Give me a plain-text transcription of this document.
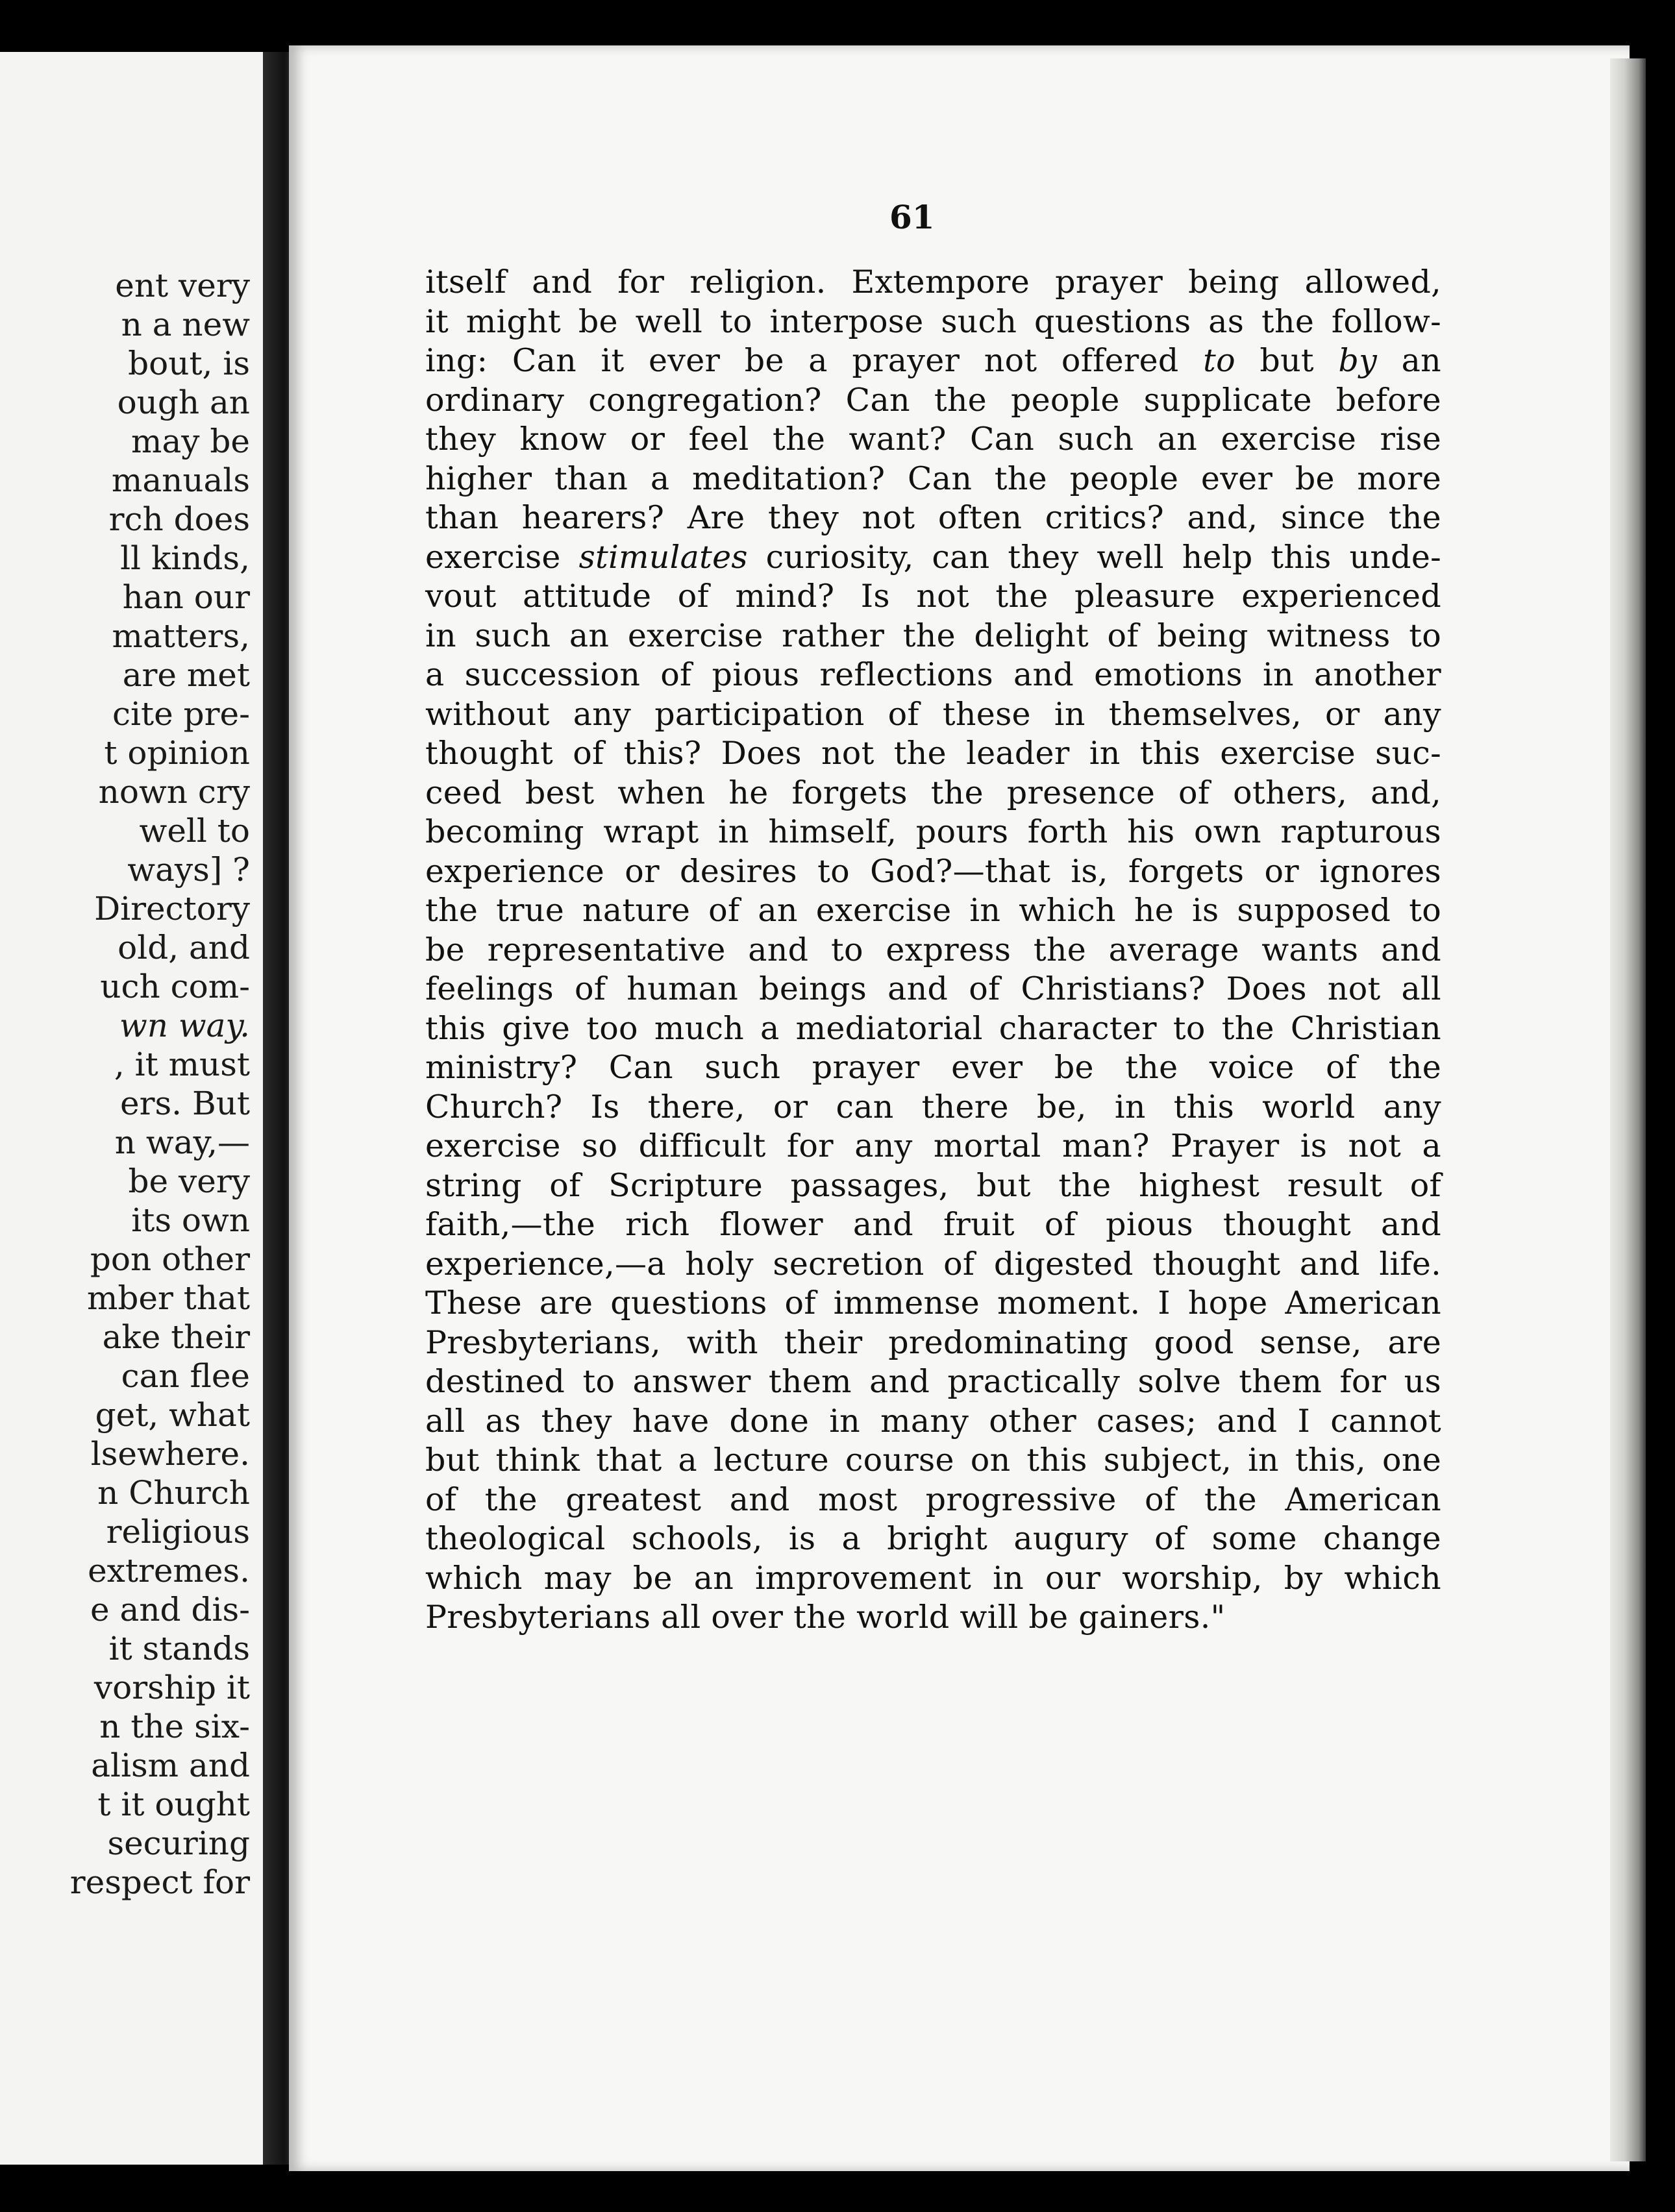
ent very
n a new
bout, is
ough an
may be
manuals
rch does
ll kinds,
han our
matters,
are met
cite pre-
t opinion
nown cry
well to
ways] ?
Directory
old, and
uch com-
wn way.
, it must
ers. But
n way,—
be very
its own
pon other
mber that
ake their
can flee
get, what
lsewhere.
n Church
religious
extremes.
e and dis-
it stands
vorship it
n the six-
alism and
t it ought
securing
respect for
61
itself and for religion. Extempore prayer being allowed,
it might be well to interpose such questions as the follow-
ing: Can it ever be a prayer not offered to but by an
ordinary congregation? Can the people supplicate before
they know or feel the want? Can such an exercise rise
higher than a meditation? Can the people ever be more
than hearers? Are they not often critics? and, since the
exercise stimulates curiosity, can they well help this unde-
vout attitude of mind? Is not the pleasure experienced
in such an exercise rather the delight of being witness to
a succession of pious reflections and emotions in another
without any participation of these in themselves, or any
thought of this? Does not the leader in this exercise suc-
ceed best when he forgets the presence of others, and,
becoming wrapt in himself, pours forth his own rapturous
experience or desires to God?—that is, forgets or ignores
the true nature of an exercise in which he is supposed to
be representative and to express the average wants and
feelings of human beings and of Christians? Does not all
this give too much a mediatorial character to the Christian
ministry? Can such prayer ever be the voice of the
Church? Is there, or can there be, in this world any
exercise so difficult for any mortal man? Prayer is not a
string of Scripture passages, but the highest result of
faith,—the rich flower and fruit of pious thought and
experience,—a holy secretion of digested thought and life.
These are questions of immense moment. I hope American
Presbyterians, with their predominating good sense, are
destined to answer them and practically solve them for us
all as they have done in many other cases; and I cannot
but think that a lecture course on this subject, in this, one
of the greatest and most progressive of the American
theological schools, is a bright augury of some change
which may be an improvement in our worship, by which
Presbyterians all over the world will be gainers."
